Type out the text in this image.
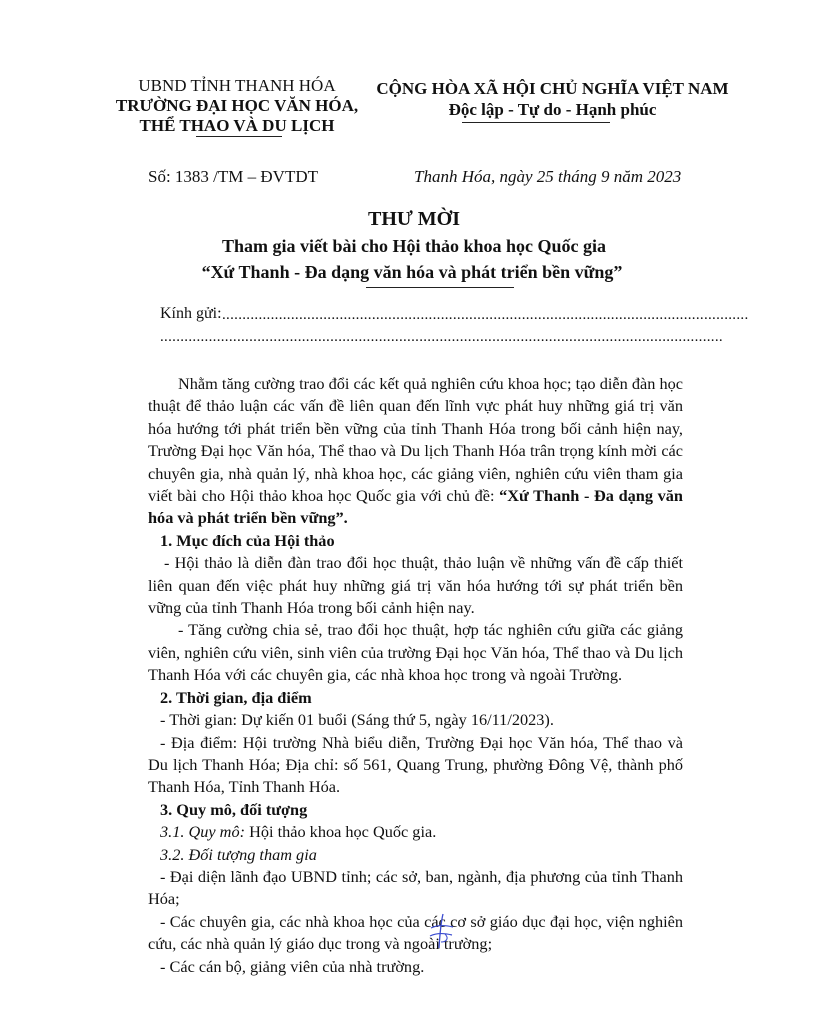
UBND TỈNH THANH HÓA
TRƯỜNG ĐẠI HỌC VĂN HÓA,
THỂ THAO VÀ DU LỊCH
CỘNG HÒA XÃ HỘI CHỦ NGHĨA VIỆT NAM
Độc lập - Tự do - Hạnh phúc
Số: 1383 /TM – ĐVTDT	Thanh Hóa, ngày 25 tháng 9 năm 2023
THƯ MỜI
Tham gia viết bài cho Hội thảo khoa học Quốc gia
“Xứ Thanh - Đa dạng văn hóa và phát triển bền vững”
Kính gửi: ..................................................................................................................................
...........................................................................................................................................

Nhằm tăng cường trao đổi các kết quả nghiên cứu khoa học; tạo diễn đàn học thuật để thảo luận các vấn đề liên quan đến lĩnh vực phát huy những giá trị văn hóa hướng tới phát triển bền vững của tỉnh Thanh Hóa trong bối cảnh hiện nay, Trường Đại học Văn hóa, Thể thao và Du lịch Thanh Hóa trân trọng kính mời các chuyên gia, nhà quản lý, nhà khoa học, các giảng viên, nghiên cứu viên tham gia viết bài cho Hội thảo khoa học Quốc gia với chủ đề: “Xứ Thanh - Đa dạng văn hóa và phát triển bền vững”.

1. Mục đích của Hội thảo

- Hội thảo là diễn đàn trao đổi học thuật, thảo luận về những vấn đề cấp thiết liên quan đến việc phát huy những giá trị văn hóa hướng tới sự phát triển bền vững của tỉnh Thanh Hóa trong bối cảnh hiện nay.

- Tăng cường chia sẻ, trao đổi học thuật, hợp tác nghiên cứu giữa các giảng viên, nghiên cứu viên, sinh viên của trường Đại học Văn hóa, Thể thao và Du lịch Thanh Hóa với các chuyên gia, các nhà khoa học trong và ngoài Trường.

2. Thời gian, địa điểm

- Thời gian: Dự kiến 01 buổi (Sáng thứ 5, ngày 16/11/2023).

- Địa điểm: Hội trường Nhà biểu diễn, Trường Đại học Văn hóa, Thể thao và Du lịch Thanh Hóa; Địa chỉ: số 561, Quang Trung, phường Đông Vệ, thành phố Thanh Hóa, Tỉnh Thanh Hóa.

3. Quy mô, đối tượng

3.1. Quy mô: Hội thảo khoa học Quốc gia.

3.2. Đối tượng tham gia

- Đại diện lãnh đạo UBND tỉnh; các sở, ban, ngành, địa phương của tỉnh Thanh Hóa;

- Các chuyên gia, các nhà khoa học của các cơ sở giáo dục đại học, viện nghiên cứu, các nhà quản lý giáo dục trong và ngoài trường;

- Các cán bộ, giảng viên của nhà trường.
